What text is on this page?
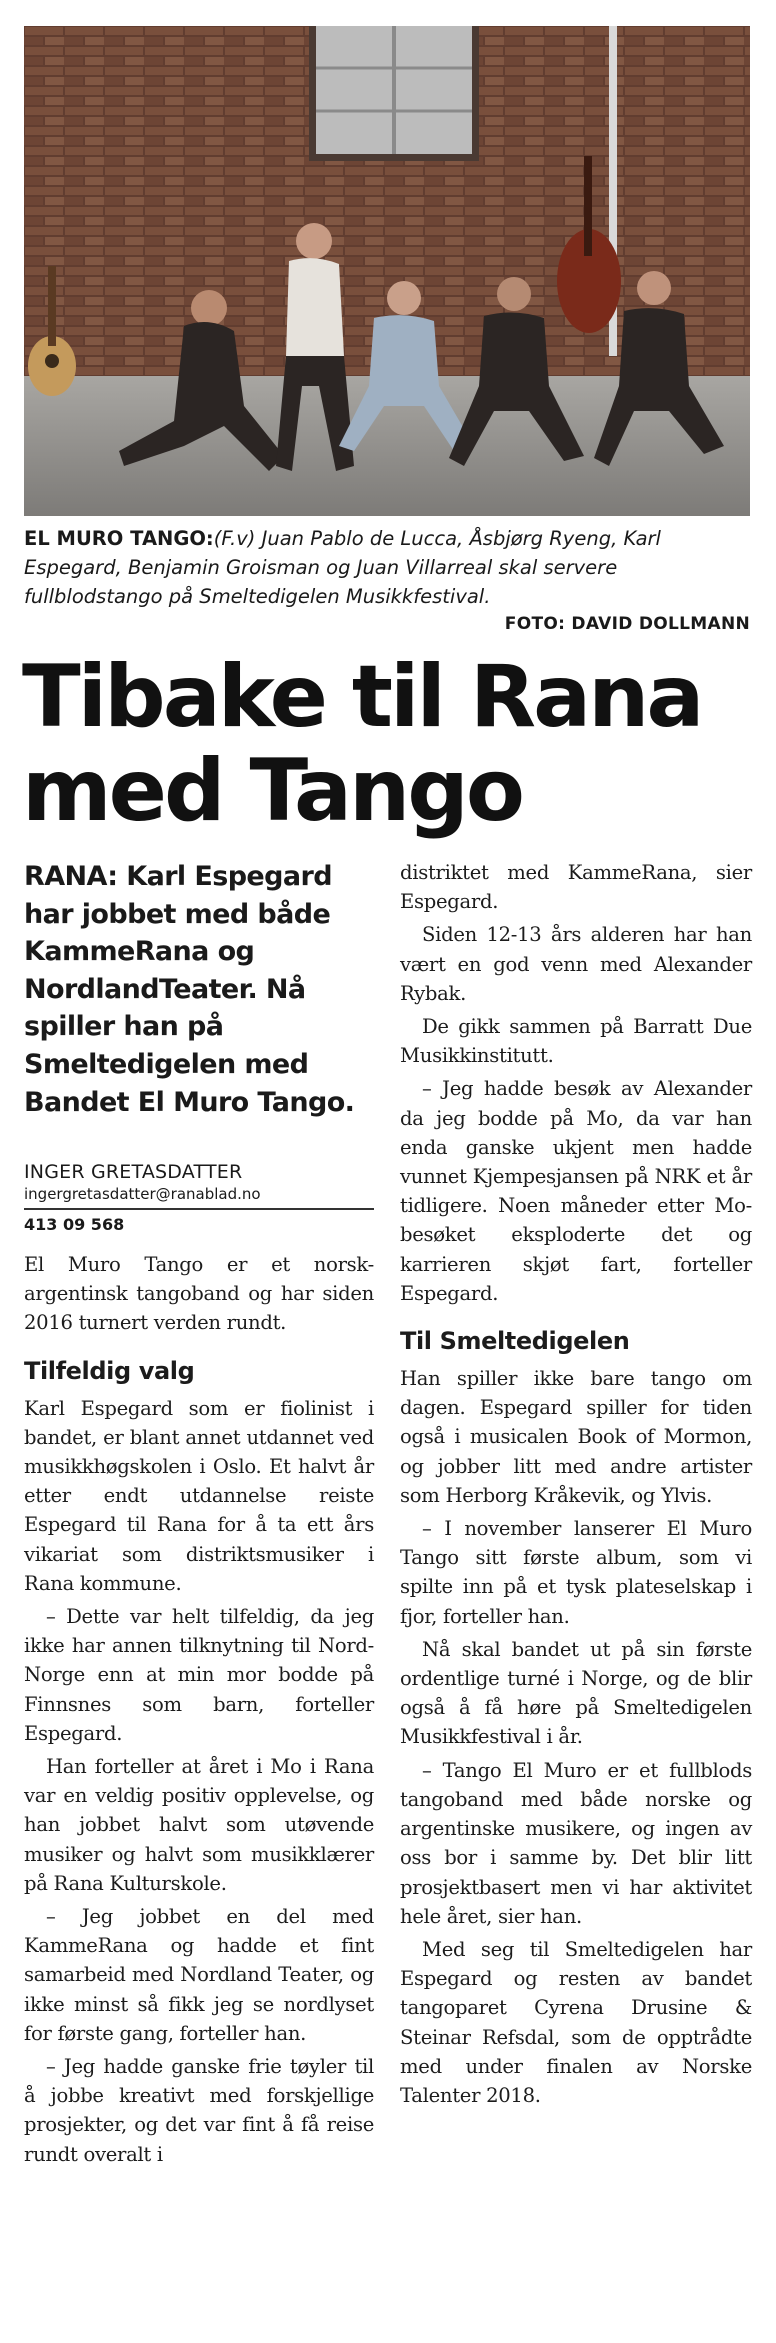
EL MURO TANGO:(F.v) Juan Pablo de Lucca, Åsbjørg Ryeng, Karl Espegard, Benjamin Groisman og Juan Villarreal skal servere fullblodstango på Smeltedigelen Musikkfestival.
FOTO: DAVID DOLLMANN
Tibake til Rana
med Tango
RANA: Karl Espegard har jobbet med både KammeRana og NordlandTeater. Nå spiller han på Smeltedigelen med Bandet El Muro Tango.
INGER GRETASDATTER
ingergretasdatter@ranablad.no
413 09 568

El Muro Tango er et norsk-argentinsk tangoband og har siden 2016 turnert verden rundt.

Tilfeldig valg

Karl Espegard som er fiolinist i bandet, er blant annet utdannet ved musikkhøgskolen i Oslo. Et halvt år etter endt utdannelse reiste Espegard til Rana for å ta ett års vikariat som distriktsmusiker i Rana kommune.

– Dette var helt tilfeldig, da jeg ikke har annen tilknytning til Nord-Norge enn at min mor bodde på Finnsnes som barn, forteller Espegard.

Han forteller at året i Mo i Rana var en veldig positiv opplevelse, og han jobbet halvt som utøvende musiker og halvt som musikklærer på Rana Kulturskole.

– Jeg jobbet en del med KammeRana og hadde et fint samarbeid med Nordland Teater, og ikke minst så fikk jeg se nordlyset for første gang, forteller han.

– Jeg hadde ganske frie tøyler til å jobbe kreativt med forskjellige prosjekter, og det var fint å få reise rundt overalt i

distriktet med KammeRana, sier Espegard.

Siden 12-13 års alderen har han vært en god venn med Alexander Rybak.

De gikk sammen på Barratt Due Musikkinstitutt.

– Jeg hadde besøk av Alexander da jeg bodde på Mo, da var han enda ganske ukjent men hadde vunnet Kjempesjansen på NRK et år tidligere. Noen måneder etter Mo-besøket eksploderte det og karrieren skjøt fart, forteller Espegard.

Til Smeltedigelen

Han spiller ikke bare tango om dagen. Espegard spiller for tiden også i musicalen Book of Mormon, og jobber litt med andre artister som Herborg Kråkevik, og Ylvis.

– I november lanserer El Muro Tango sitt første album, som vi spilte inn på et tysk plateselskap i fjor, forteller han.

Nå skal bandet ut på sin første ordentlige turné i Norge, og de blir også å få høre på Smeltedigelen Musikkfestival i år.

– Tango El Muro er et fullblods tangoband med både norske og argentinske musikere, og ingen av oss bor i samme by. Det blir litt prosjektbasert men vi har aktivitet hele året, sier han.

Med seg til Smeltedigelen har Espegard og resten av bandet tangoparet Cyrena Drusine & Steinar Refsdal, som de opptrådte med under finalen av Norske Talenter 2018.
